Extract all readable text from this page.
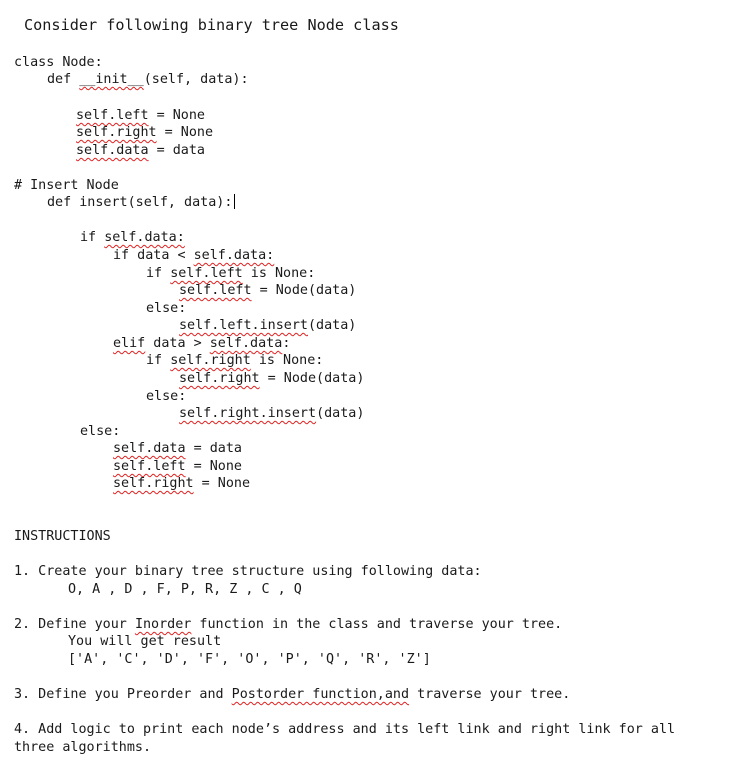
Consider following binary tree Node class
class Node:
def __init__(self, data):
self.left = None
self.right = None
self.data = data
# Insert Node
def insert(self, data):
if self.data:
if data < self.data:
if self.left is None:
self.left = Node(data)
else:
self.left.insert(data)
elif data > self.data:
if self.right is None:
self.right = Node(data)
else:
self.right.insert(data)
else:
self.data = data
self.left = None
self.right = None
INSTRUCTIONS
1. Create your binary tree structure using following data:
O, A , D , F, P, R, Z , C , Q
2. Define your Inorder function in the class and traverse your tree.
You will get result
['A', 'C', 'D', 'F', 'O', 'P', 'Q', 'R', 'Z']
3. Define you Preorder and Postorder function,and traverse your tree.
4. Add logic to print each node’s address and its left link and right link for all
three algorithms.
